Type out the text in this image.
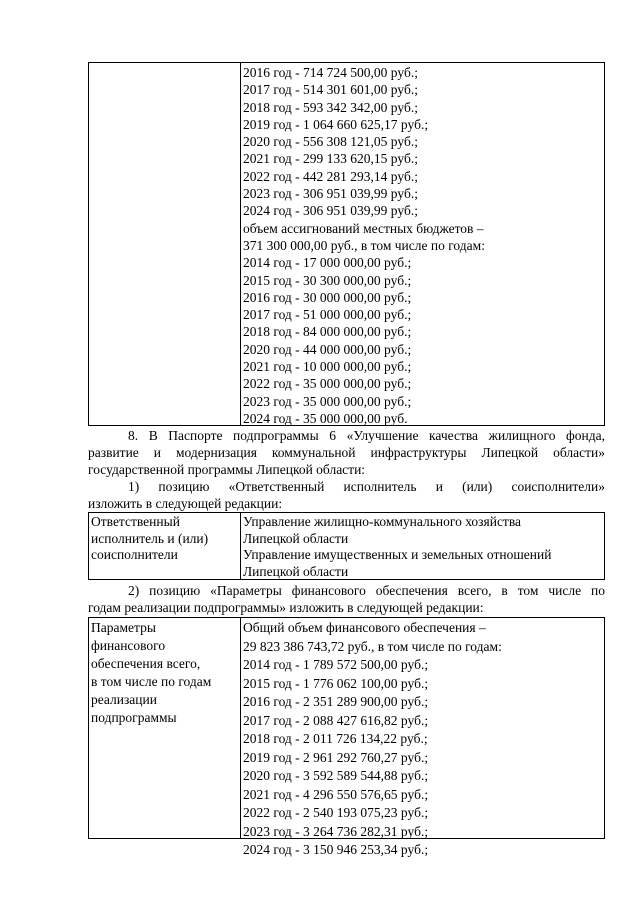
2016 год - 714 724 500,00 руб.;
2017 год - 514 301 601,00 руб.;
2018 год - 593 342 342,00 руб.;
2019 год - 1 064 660 625,17 руб.;
2020 год - 556 308 121,05 руб.;
2021 год - 299 133 620,15 руб.;
2022 год - 442 281 293,14 руб.;
2023 год - 306 951 039,99 руб.;
2024 год - 306 951 039,99 руб.;
объем ассигнований местных бюджетов –
371 300 000,00 руб., в том числе по годам:
2014 год - 17 000 000,00 руб.;
2015 год - 30 300 000,00 руб.;
2016 год - 30 000 000,00 руб.;
2017 год - 51 000 000,00 руб.;
2018 год - 84 000 000,00 руб.;
2020 год - 44 000 000,00 руб.;
2021 год - 10 000 000,00 руб.;
2022 год - 35 000 000,00 руб.;
2023 год - 35 000 000,00 руб.;
2024 год - 35 000 000,00 руб.
8. В Паспорте подпрограммы 6 «Улучшение качества жилищного фонда,
развитие и модернизация коммунальной инфраструктуры Липецкой области»
государственной программы Липецкой области:
1) позицию «Ответственный исполнитель и (или) соисполнители»
изложить в следующей редакции:
Ответственный
исполнитель и (или)
соисполнители
Управление жилищно-коммунального хозяйства
Липецкой области
Управление имущественных и земельных отношений
Липецкой области
2) позицию «Параметры финансового обеспечения всего, в том числе по
годам реализации подпрограммы» изложить в следующей редакции:
Параметры
финансового
обеспечения всего,
в том числе по годам
реализации
подпрограммы
Общий объем финансового обеспечения –
29 823 386 743,72 руб., в том числе по годам:
2014 год - 1 789 572 500,00 руб.;
2015 год - 1 776 062 100,00 руб.;
2016 год - 2 351 289 900,00 руб.;
2017 год - 2 088 427 616,82 руб.;
2018 год - 2 011 726 134,22 руб.;
2019 год - 2 961 292 760,27 руб.;
2020 год - 3 592 589 544,88 руб.;
2021 год - 4 296 550 576,65 руб.;
2022 год - 2 540 193 075,23 руб.;
2023 год - 3 264 736 282,31 руб.;
2024 год - 3 150 946 253,34 руб.;
